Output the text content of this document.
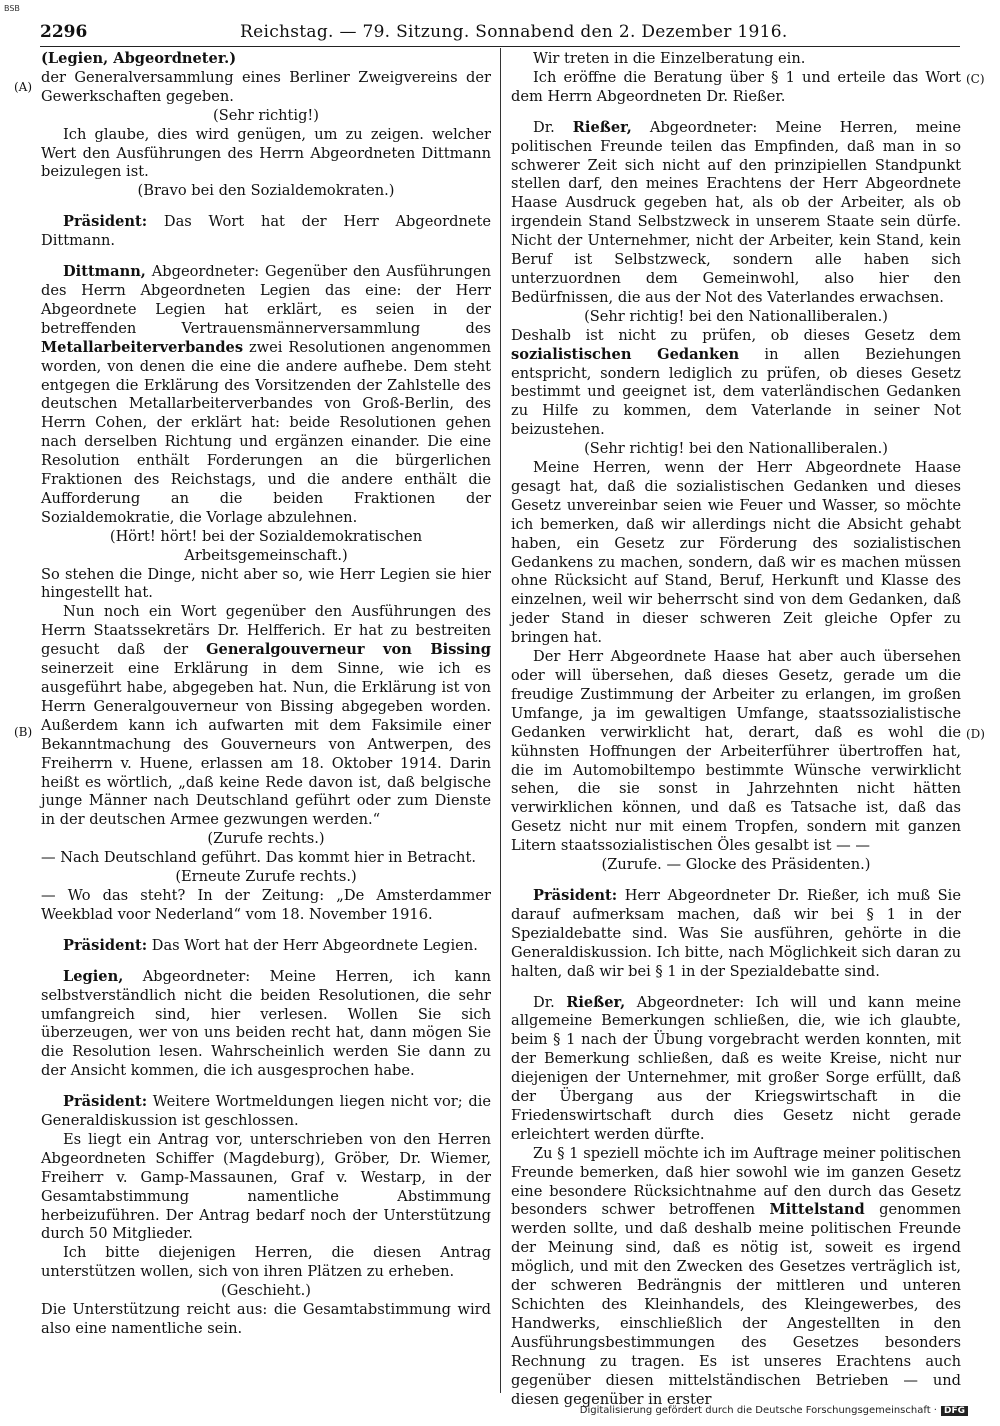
BSB
2296	Reichstag. — 79. Sitzung. Sonnabend den 2. Dezember 1916.
(A)
(B)
(C)
(D)

(Legien, Abgeordneter.)

der Generalversammlung eines Berliner Zweigvereins der Gewerkschaften gegeben.

(Sehr richtig!)

Ich glaube, dies wird genügen, um zu zeigen. welcher Wert den Ausführungen des Herrn Abgeordneten Dittmann beizulegen ist.

(Bravo bei den Sozialdemokraten.)

Präsident: Das Wort hat der Herr Abgeordnete Dittmann.

Dittmann, Abgeordneter: Gegenüber den Ausführungen des Herrn Abgeordneten Legien das eine: der Herr Abgeordnete Legien hat erklärt, es seien in der betreffenden Vertrauensmännerversammlung des Metallarbeiterverbandes zwei Resolutionen angenommen worden, von denen die eine die andere aufhebe. Dem steht entgegen die Erklärung des Vorsitzenden der Zahlstelle des deutschen Metallarbeiterverbandes von Groß-Berlin, des Herrn Cohen, der erklärt hat: beide Resolutionen gehen nach derselben Richtung und ergänzen einander. Die eine Resolution enthält Forderungen an die bürgerlichen Fraktionen des Reichstags, und die andere enthält die Aufforderung an die beiden Fraktionen der Sozialdemokratie, die Vorlage abzulehnen.

(Hört! hört! bei der Sozialdemokratischen Arbeitsgemeinschaft.)

So stehen die Dinge, nicht aber so, wie Herr Legien sie hier hingestellt hat.

Nun noch ein Wort gegenüber den Ausführungen des Herrn Staatssekretärs Dr. Helfferich. Er hat zu bestreiten gesucht daß der Generalgouverneur von Bissing seinerzeit eine Erklärung in dem Sinne, wie ich es ausgeführt habe, abgegeben hat. Nun, die Erklärung ist von Herrn Generalgouverneur von Bissing abgegeben worden. Außerdem kann ich aufwarten mit dem Faksimile einer Bekanntmachung des Gouverneurs von Antwerpen, des Freiherrn v. Huene, erlassen am 18. Oktober 1914. Darin heißt es wörtlich, „daß keine Rede davon ist, daß belgische junge Männer nach Deutschland geführt oder zum Dienste in der deutschen Armee gezwungen werden.“

(Zurufe rechts.)

— Nach Deutschland geführt. Das kommt hier in Betracht.

(Erneute Zurufe rechts.)

— Wo das steht? In der Zeitung: „De Amsterdammer Weekblad voor Nederland“ vom 18. November 1916.

Präsident: Das Wort hat der Herr Abgeordnete Legien.

Legien, Abgeordneter: Meine Herren, ich kann selbstverständlich nicht die beiden Resolutionen, die sehr umfangreich sind, hier verlesen. Wollen Sie sich überzeugen, wer von uns beiden recht hat, dann mögen Sie die Resolution lesen. Wahrscheinlich werden Sie dann zu der Ansicht kommen, die ich ausgesprochen habe.

Präsident: Weitere Wortmeldungen liegen nicht vor; die Generaldiskussion ist geschlossen.

Es liegt ein Antrag vor, unterschrieben von den Herren Abgeordneten Schiffer (Magdeburg), Gröber, Dr. Wiemer, Freiherr v. Gamp-Massaunen, Graf v. Westarp, in der Gesamtabstimmung namentliche Abstimmung herbeizuführen. Der Antrag bedarf noch der Unterstützung durch 50 Mitglieder.

Ich bitte diejenigen Herren, die diesen Antrag unterstützen wollen, sich von ihren Plätzen zu erheben.

(Geschieht.)

Die Unterstützung reicht aus: die Gesamtabstimmung wird also eine namentliche sein.

Wir treten in die Einzelberatung ein.

Ich eröffne die Beratung über § 1 und erteile das Wort dem Herrn Abgeordneten Dr. Rießer.

Dr. Rießer, Abgeordneter: Meine Herren, meine politischen Freunde teilen das Empfinden, daß man in so schwerer Zeit sich nicht auf den prinzipiellen Standpunkt stellen darf, den meines Erachtens der Herr Abgeordnete Haase Ausdruck gegeben hat, als ob der Arbeiter, als ob irgendein Stand Selbstzweck in unserem Staate sein dürfe. Nicht der Unternehmer, nicht der Arbeiter, kein Stand, kein Beruf ist Selbstzweck, sondern alle haben sich unterzuordnen dem Gemeinwohl, also hier den Bedürfnissen, die aus der Not des Vaterlandes erwachsen.

(Sehr richtig! bei den Nationalliberalen.)

Deshalb ist nicht zu prüfen, ob dieses Gesetz dem sozialistischen Gedanken in allen Beziehungen entspricht, sondern lediglich zu prüfen, ob dieses Gesetz bestimmt und geeignet ist, dem vaterländischen Gedanken zu Hilfe zu kommen, dem Vaterlande in seiner Not beizustehen.

(Sehr richtig! bei den Nationalliberalen.)

Meine Herren, wenn der Herr Abgeordnete Haase gesagt hat, daß die sozialistischen Gedanken und dieses Gesetz unvereinbar seien wie Feuer und Wasser, so möchte ich bemerken, daß wir allerdings nicht die Absicht gehabt haben, ein Gesetz zur Förderung des sozialistischen Gedankens zu machen, sondern, daß wir es machen müssen ohne Rücksicht auf Stand, Beruf, Herkunft und Klasse des einzelnen, weil wir beherrscht sind von dem Gedanken, daß jeder Stand in dieser schweren Zeit gleiche Opfer zu bringen hat.

Der Herr Abgeordnete Haase hat aber auch übersehen oder will übersehen, daß dieses Gesetz, gerade um die freudige Zustimmung der Arbeiter zu erlangen, im großen Umfange, ja im gewaltigen Umfange, staatssozialistische Gedanken verwirklicht hat, derart, daß es wohl die kühnsten Hoffnungen der Arbeiterführer übertroffen hat, die im Automobiltempo bestimmte Wünsche verwirklicht sehen, die sie sonst in Jahrzehnten nicht hätten verwirklichen können, und daß es Tatsache ist, daß das Gesetz nicht nur mit einem Tropfen, sondern mit ganzen Litern staatssozialistischen Öles gesalbt ist — —

(Zurufe. — Glocke des Präsidenten.)

Präsident: Herr Abgeordneter Dr. Rießer, ich muß Sie darauf aufmerksam machen, daß wir bei § 1 in der Spezialdebatte sind. Was Sie ausführen, gehörte in die Generaldiskussion. Ich bitte, nach Möglichkeit sich daran zu halten, daß wir bei § 1 in der Spezialdebatte sind.

Dr. Rießer, Abgeordneter: Ich will und kann meine allgemeine Bemerkungen schließen, die, wie ich glaubte, beim § 1 nach der Übung vorgebracht werden konnten, mit der Bemerkung schließen, daß es weite Kreise, nicht nur diejenigen der Unternehmer, mit großer Sorge erfüllt, daß der Übergang aus der Kriegswirtschaft in die Friedenswirtschaft durch dies Gesetz nicht gerade erleichtert werden dürfte.

Zu § 1 speziell möchte ich im Auftrage meiner politischen Freunde bemerken, daß hier sowohl wie im ganzen Gesetz eine besondere Rücksichtnahme auf den durch das Gesetz besonders schwer betroffenen Mittelstand genommen werden sollte, und daß deshalb meine politischen Freunde der Meinung sind, daß es nötig ist, soweit es irgend möglich, und mit den Zwecken des Gesetzes verträglich ist, der schweren Bedrängnis der mittleren und unteren Schichten des Kleinhandels, des Kleingewerbes, des Handwerks, einschließlich der Angestellten in den Ausführungsbestimmungen des Gesetzes besonders Rechnung zu tragen. Es ist unseres Erachtens auch gegenüber diesen mittelständischen Betrieben — und diesen gegenüber in erster

Digitalisierung gefördert durch die Deutsche Forschungsgemeinschaft · DFG
